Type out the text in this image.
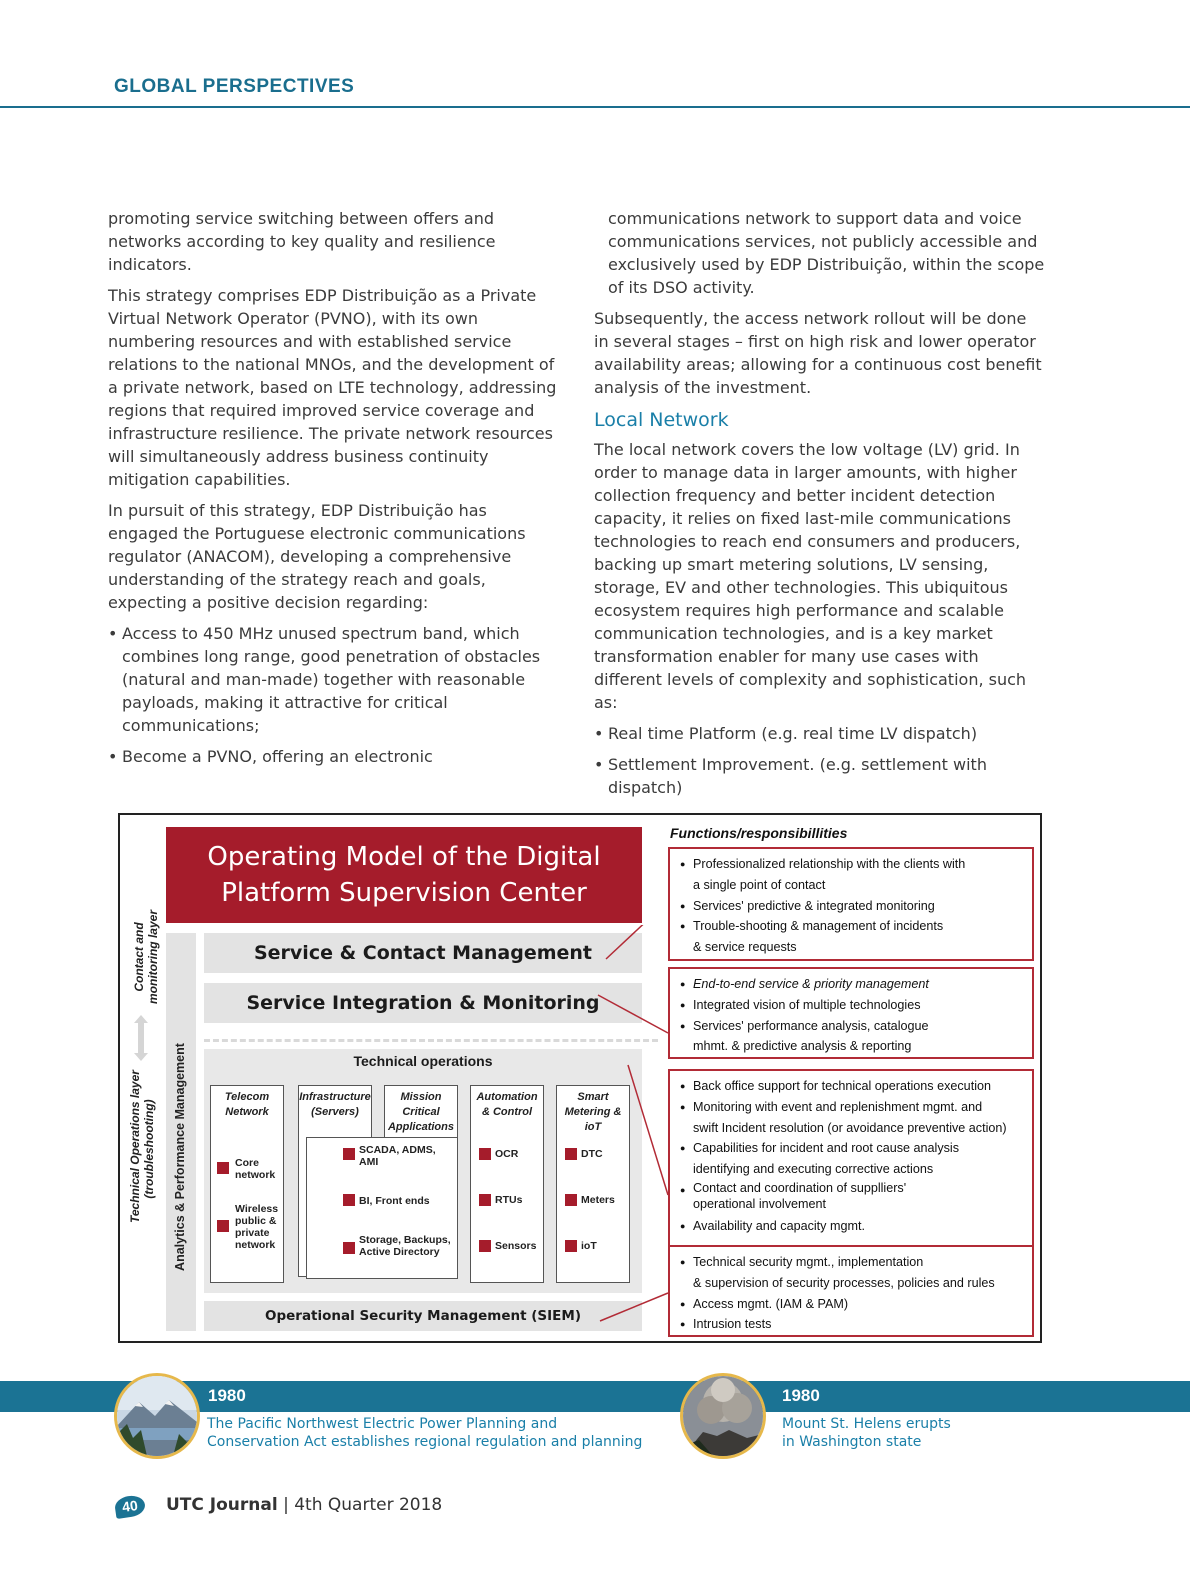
GLOBAL PERSPECTIVES

promoting service switching between offers and networks according to key quality and resilience indicators.

This strategy comprises EDP Distribuição as a Private Virtual Network Operator (PVNO), with its own numbering resources and with established service relations to the national MNOs, and the development of a private network, based on LTE technology, addressing regions that required improved service coverage and infrastructure resilience. The private network resources will simultaneously address business continuity mitigation capabilities.

In pursuit of this strategy, EDP Distribuição has engaged the Portuguese electronic communications regulator (ANACOM), developing a comprehensive understanding of the strategy reach and goals, expecting a positive decision regarding:

• Access to 450 MHz unused spectrum band, which combines long range, good penetration of obstacles (natural and man-made) together with reasonable payloads, making it attractive for critical communications;
• Become a PVNO, offering an electronic

communications network to support data and voice communications services, not publicly accessible and exclusively used by EDP Distribuição, within the scope of its DSO activity.

Subsequently, the access network rollout will be done in several stages – first on high risk and lower operator availability areas; allowing for a continuous cost benefit analysis of the investment.

Local Network

The local network covers the low voltage (LV) grid. In order to manage data in larger amounts, with higher collection frequency and better incident detection capacity, it relies on fixed last-mile communications technologies to reach end consumers and producers, backing up smart metering solutions, LV sensing, storage, EV and other technologies. This ubiquitous ecosystem requires high performance and scalable communication technologies, and is a key market transformation enabler for many use cases with different levels of complexity and sophistication, such as:

• Real time Platform (e.g. real time LV dispatch)
• Settlement Improvement. (e.g. settlement with dispatch)
Operating Model of the Digital Platform Supervision Center
Contact and monitoring layer
Technical Operations layer (troubleshooting) Analytics & Performance Management
Service & Contact Management
Service Integration & Monitoring
Technical operations
Telecom Network
Core network
Wireless public & private network
Infrastructure (Servers)
Mission Critical Applications
SCADA, ADMS, AMI
BI, Front ends
Storage, Backups, Active Directory
Automation & Control
OCR
RTUs
Sensors
Smart Metering & ioT
DTC
Meters
ioT
Operational Security Management (SIEM)
Functions/responsibillities
● Professionalized relationship with the clients with
a single point of contact
● Services' predictive & integrated monitoring
● Trouble-shooting & management of incidents
& service requests
● End-to-end service & priority management
● Integrated vision of multiple technologies
● Services' performance analysis, catalogue
mhmt. & predictive analysis & reporting
● Back office support for technical operations execution
● Monitoring with event and replenishment mgmt. and
swift Incident resolution (or avoidance preventive action)
● Capabilities for incident and root cause analysis
identifying and executing corrective actions
● Contact and coordination of supplliers'
operational involvement
● Availability and capacity mgmt.
● Technical security mgmt., implementation
& supervision of security processes, policies and rules
● Access mgmt. (IAM & PAM)
● Intrusion tests
1980
The Pacific Northwest Electric Power Planning and
Conservation Act establishes regional regulation and planning
1980
Mount St. Helens erupts
in Washington state
40	UTC Journal | 4th Quarter 2018
